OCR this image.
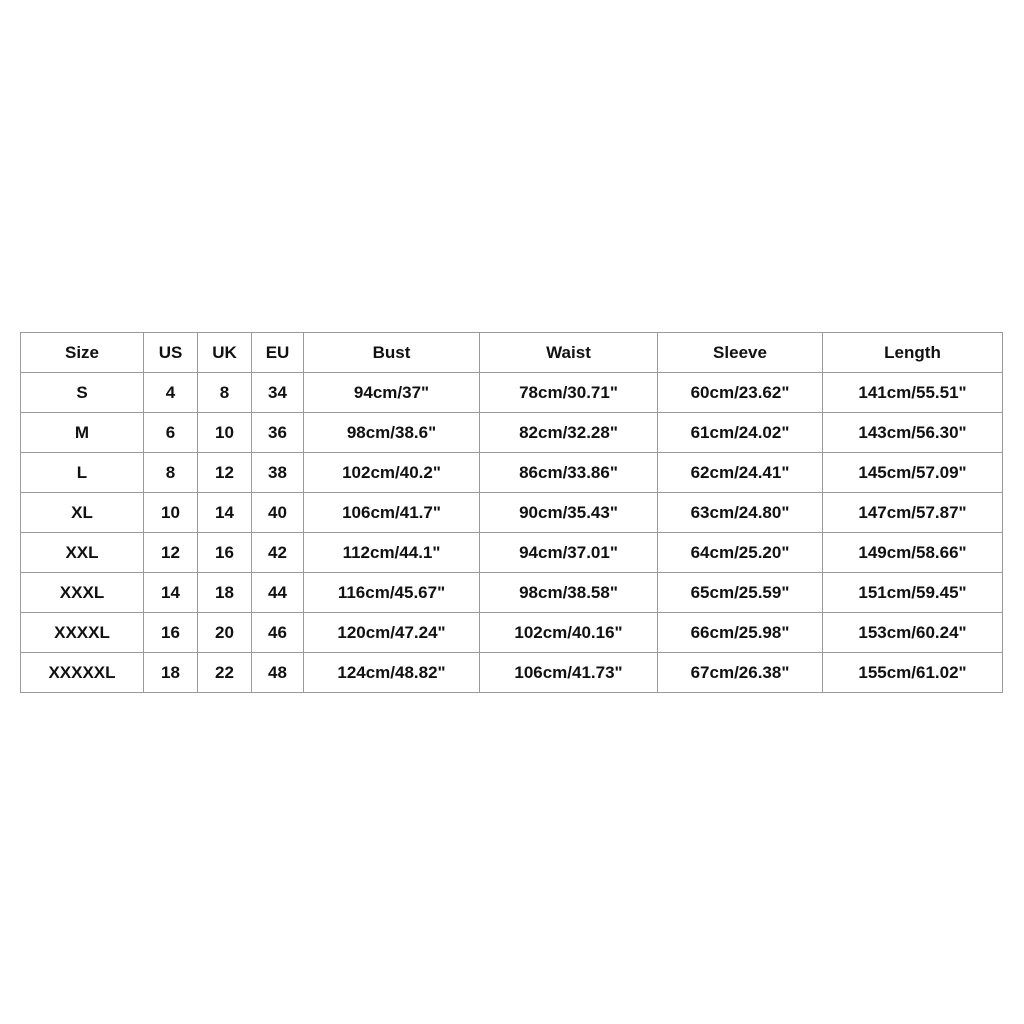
Size	US	UK	EU	Bust	Waist	Sleeve	Length
S	4	8	34	94cm/37"	78cm/30.71"	60cm/23.62"	141cm/55.51"
M	6	10	36	98cm/38.6"	82cm/32.28"	61cm/24.02"	143cm/56.30"
L	8	12	38	102cm/40.2"	86cm/33.86"	62cm/24.41"	145cm/57.09"
XL	10	14	40	106cm/41.7"	90cm/35.43"	63cm/24.80"	147cm/57.87"
XXL	12	16	42	112cm/44.1"	94cm/37.01"	64cm/25.20"	149cm/58.66"
XXXL	14	18	44	116cm/45.67"	98cm/38.58"	65cm/25.59"	151cm/59.45"
XXXXL	16	20	46	120cm/47.24"	102cm/40.16"	66cm/25.98"	153cm/60.24"
XXXXXL	18	22	48	124cm/48.82"	106cm/41.73"	67cm/26.38"	155cm/61.02"
